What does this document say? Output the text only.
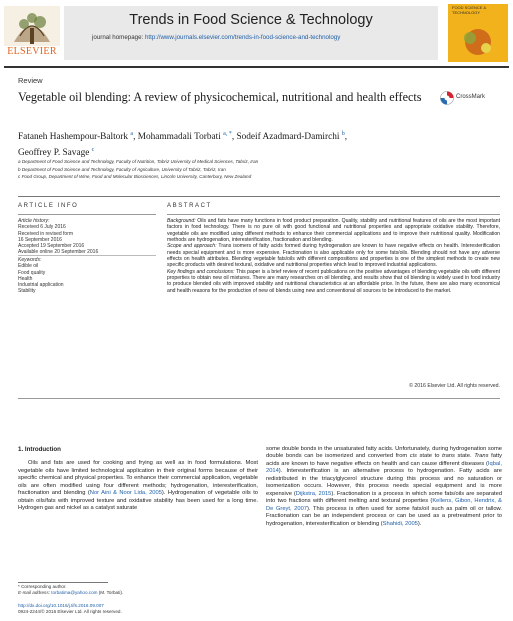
Trends in Food Science & Technology
journal homepage: http://www.journals.elsevier.com/trends-in-food-science-and-technology
ELSEVIER
FOOD SCIENCE & TECHNOLOGY
Review
Vegetable oil blending: A review of physicochemical, nutritional and health effects	CrossMark
Fataneh Hashempour-Baltork $^a$, Mohammadali Torbati $^{a, *}$, Sodeif Azadmard-Damirchi $^b$,
Geoffrey P. Savage $^c$
a Department of Food Science and Technology, Faculty of Nutrition, Tabriz University of Medical Sciences, Tabriz, Iran
b Department of Food Science and Technology, Faculty of Agriculture, University of Tabriz, Tabriz, Iran
c Food Group, Department of Wine, Food and Molecular Biosciences, Lincoln University, Canterbury, New Zealand
ARTICLE INFO
Article history:
Received 6 July 2016
Received in revised form
16 September 2016
Accepted 19 September 2016
Available online 20 September 2016
Keywords:
Edible oil
Food quality
Health
Industrial application
Stability
ABSTRACT

Background: Oils and fats have many functions in food product preparation. Quality, stability and nutritional features of oils are the most important factors in food technology. There is no pure oil with good functional and nutritional properties and appropriate oxidative stability. Therefore, vegetable oils are modified using different methods to enhance their commercial applications and to improve their nutritional quality. Modification methods are hydrogenation, interesterification, fractionation and blending.

Scope and approach: Trans isomers of fatty acids formed during hydrogenation are known to have negative effects on health. Interesterification needs special equipment and is more expensive. Fractionation is also applicable only for some fats/oils. Blending should not have any adverse effects on health attributes. Blending vegetable fats/oils with different compositions and properties is one of the simplest methods to create new specific products with desired textural, oxidative and nutritional properties which lead to improved industrial applications.

Key findings and conclusions: This paper is a brief review of recent publications on the positive advantages of blending vegetable oils with different properties to obtain new oil mixtures. There are many researches on oil blending, and results show that oil blending is widely used in food industry to produce blended oils with improved stability and nutritional characteristics at an affordable price. In the future, there are also many economical and health reasons for the production of new oil blends using new and conventional oil sources to be introduced to the market.

© 2016 Elsevier Ltd. All rights reserved.

1. Introduction

Oils and fats are used for cooking and frying as well as in food formulations. Most vegetable oils have limited technological application in their original forms because of their specific chemical and physical properties. To enhance their commercial application, vegetable oils are often modified using four different methods; hydrogenation, interesterification, fractionation and blending (Nor Aini & Noor Lida, 2005). Hydrogenation of vegetable oils to obtain oils/fats with improved texture and oxidative stability has been used for a long time. Hydrogen gas and nickel as a catalyst saturate

some double bonds in the unsaturated fatty acids. Unfortunately, during hydrogenation some double bonds can be isomerized and converted from cis state to trans state. Trans fatty acids are known to have negative effects on health and can cause different diseases (Iqbal, 2014). Interesterification is an alternative process to hydrogenation. Fatty acids are redistributed in the triacylglycerol structure during this process and no saturation or isomerization occurs. However, this process needs special equipment and is more expensive (Dijkstra, 2015). Fractionation is a process in which some fats/oils are separated into two fractions with different melting and textural properties (Kellens, Gibon, Hendrix, & De Greyt, 2007). This process is often used for some fats/oil such as palm oil or tallow. Fractionation can be an independent process or can be used as a pretreatment prior to hydrogenation, interesterification or blending (Shahidi, 2005).

* Corresponding author.
E-mail address: torbatima@yahoo.com (M. Torbati).
http://dx.doi.org/10.1016/j.tifs.2016.09.007
0924-2244/© 2016 Elsevier Ltd. All rights reserved.
